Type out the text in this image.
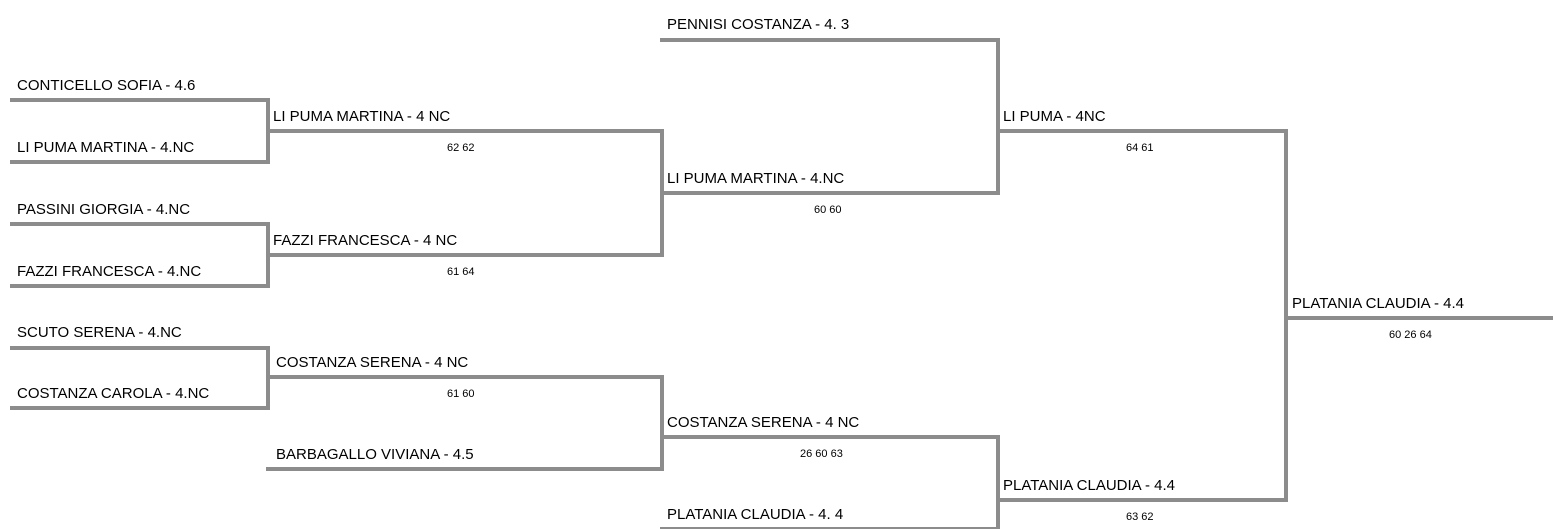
CONTICELLO SOFIA - 4.6
LI PUMA MARTINA - 4.NC
PASSINI GIORGIA - 4.NC
FAZZI FRANCESCA - 4.NC
SCUTO SERENA - 4.NC
COSTANZA CAROLA - 4.NC
LI PUMA MARTINA - 4 NC
62 62
FAZZI FRANCESCA - 4 NC
61 64
COSTANZA SERENA - 4 NC
61 60
BARBAGALLO VIVIANA - 4.5
PENNISI COSTANZA - 4. 3
LI PUMA MARTINA - 4.NC
60 60
COSTANZA SERENA - 4 NC
26 60 63
PLATANIA CLAUDIA - 4. 4
LI PUMA - 4NC
64 61
PLATANIA CLAUDIA - 4.4
63 62
PLATANIA CLAUDIA - 4.4
60 26 64
